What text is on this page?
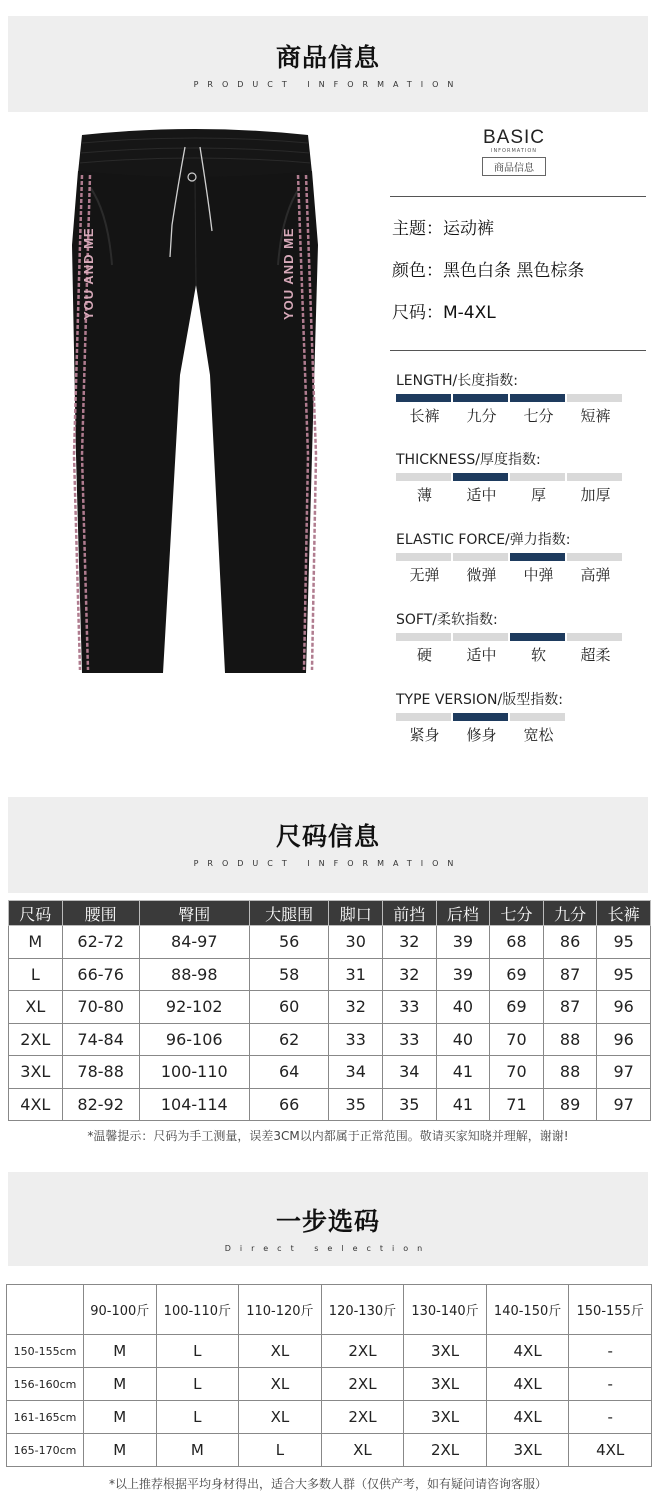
商品信息
PRODUCT INFORMATION
YOU AND ME	YOU AND ME
BASIC
INFORMATION
商品信息
主题：运动裤
颜色：黑色白条 黑色棕条
尺码：M-4XL
LENGTH/长度指数:
长裤	九分	七分	短裤
THICKNESS/厚度指数:
薄	适中	厚	加厚
ELASTIC FORCE/弹力指数:
无弹	微弹	中弹	高弹
SOFT/柔软指数:
硬	适中	软	超柔
TYPE VERSION/版型指数:
紧身	修身	宽松
尺码信息
PRODUCT INFORMATION
尺码	腰围	臀围	大腿围	脚口	前挡	后档	七分	九分	长裤
M	62-72	84-97	56	30	32	39	68	86	95
L	66-76	88-98	58	31	32	39	69	87	95
XL	70-80	92-102	60	32	33	40	69	87	96
2XL	74-84	96-106	62	33	33	40	70	88	96
3XL	78-88	100-110	64	34	34	41	70	88	97
4XL	82-92	104-114	66	35	35	41	71	89	97
*温馨提示：尺码为手工测量，误差3CM以内都属于正常范围。敬请买家知晓并理解，谢谢!
一步选码
Direct selection
体重
身高	90-100斤	100-110斤	110-120斤	120-130斤	130-140斤	140-150斤	150-155斤
150-155cm	M	L	XL	2XL	3XL	4XL	-
156-160cm	M	L	XL	2XL	3XL	4XL	-
161-165cm	M	L	XL	2XL	3XL	4XL	-
165-170cm	M	M	L	XL	2XL	3XL	4XL
*以上推荐根据平均身材得出，适合大多数人群（仅供产考，如有疑问请咨询客服）
